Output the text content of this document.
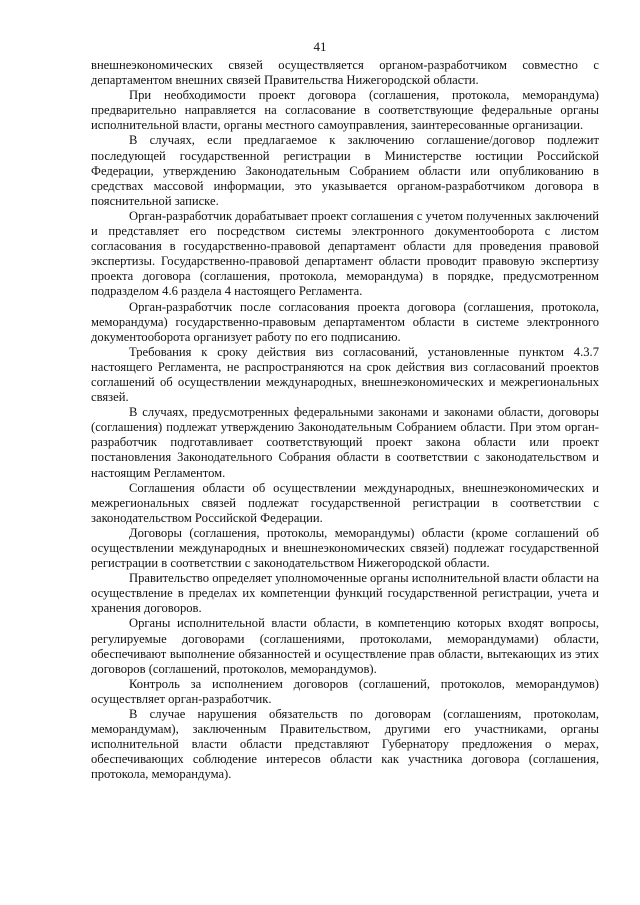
41

внешнеэкономических связей осуществляется органом-разработчиком совместно с департаментом внешних связей Правительства Нижегородской области.

При необходимости проект договора (соглашения, протокола, меморандума) предварительно направляется на согласование в соответствующие федеральные органы исполнительной власти, органы местного самоуправления, заинтересованные организации.

В случаях, если предлагаемое к заключению соглашение/договор подлежит последующей государственной регистрации в Министерстве юстиции Российской Федерации, утверждению Законодательным Собранием области или опубликованию в средствах массовой информации, это указывается органом-разработчиком договора в пояснительной записке.

Орган-разработчик дорабатывает проект соглашения с учетом полученных заключений и представляет его посредством системы электронного документооборота с листом согласования в государственно-правовой департамент области для проведения правовой экспертизы. Государственно-правовой департамент области проводит правовую экспертизу проекта договора (соглашения, протокола, меморандума) в порядке, предусмотренном подразделом 4.6 раздела 4 настоящего Регламента.

Орган-разработчик после согласования проекта договора (соглашения, протокола, меморандума) государственно-правовым департаментом области в системе электронного документооборота организует работу по его подписанию.

Требования к сроку действия виз согласований, установленные пунктом 4.3.7 настоящего Регламента, не распространяются на срок действия виз согласований проектов соглашений об осуществлении международных, внешнеэкономических и межрегиональных связей.

В случаях, предусмотренных федеральными законами и законами области, договоры (соглашения) подлежат утверждению Законодательным Собранием области. При этом орган-разработчик подготавливает соответствующий проект закона области или проект постановления Законодательного Собрания области в соответствии с законодательством и настоящим Регламентом.

Соглашения области об осуществлении международных, внешнеэкономических и межрегиональных связей подлежат государственной регистрации в соответствии с законодательством Российской Федерации.

Договоры (соглашения, протоколы, меморандумы) области (кроме соглашений об осуществлении международных и внешнеэкономических связей) подлежат государственной регистрации в соответствии с законодательством Нижегородской области.

Правительство определяет уполномоченные органы исполнительной власти области на осуществление в пределах их компетенции функций государственной регистрации, учета и хранения договоров.

Органы исполнительной власти области, в компетенцию которых входят вопросы, регулируемые договорами (соглашениями, протоколами, меморандумами) области, обеспечивают выполнение обязанностей и осуществление прав области, вытекающих из этих договоров (соглашений, протоколов, меморандумов).

Контроль за исполнением договоров (соглашений, протоколов, меморандумов) осуществляет орган-разработчик.

В случае нарушения обязательств по договорам (соглашениям, протоколам, меморандумам), заключенным Правительством, другими его участниками, органы исполнительной власти области представляют Губернатору предложения о мерах, обеспечивающих соблюдение интересов области как участника договора (соглашения, протокола, меморандума).
